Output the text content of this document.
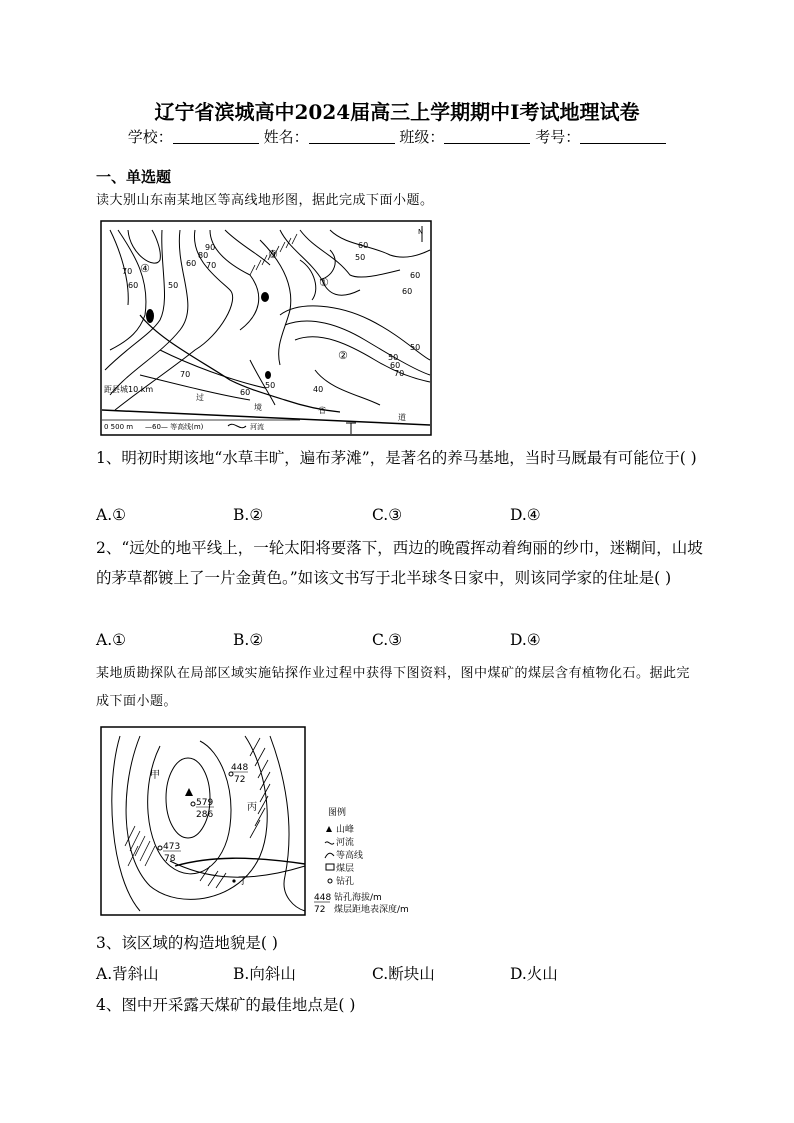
辽宁省滨城高中2024届高三上学期期中Ⅰ考试地理试卷
学校：	姓名：	班级：	考号：
一、单选题
读大别山东南某地区等高线地形图，据此完成下面小题。
70
60
70
80
90
60
50
60
50
60
60
50
50
60
70
70
60
50	40
④
①
②
③
N
距县城10 km
过
境	省
道
0 500 m —60— 等高线(m)	河流
1、明初时期该地“水草丰旷，遍布茅滩”，是著名的养马基地，当时马厩最有可能位于( )
A.①	B.②	C.③	D.④
2、“远处的地平线上，一轮太阳将要落下，西边的晚霞挥动着绚丽的纱巾，迷糊间，山坡的茅草都镀上了一片金黄色。”如该文书写于北半球冬日家中，则该同学家的住址是( )
A.①	B.②	C.③	D.④
某地质勘探队在局部区域实施钻探作业过程中获得下图资料，图中煤矿的煤层含有植物化石。据此完成下面小题。
448
72
579
286
473
78
甲
丙
丁
图例
山峰
河流
等高线
煤层
钻孔
448
72
钻孔海拔/m
煤层距地表深度/m
3、该区域的构造地貌是( )
A.背斜山	B.向斜山	C.断块山	D.火山
4、图中开采露天煤矿的最佳地点是( )
